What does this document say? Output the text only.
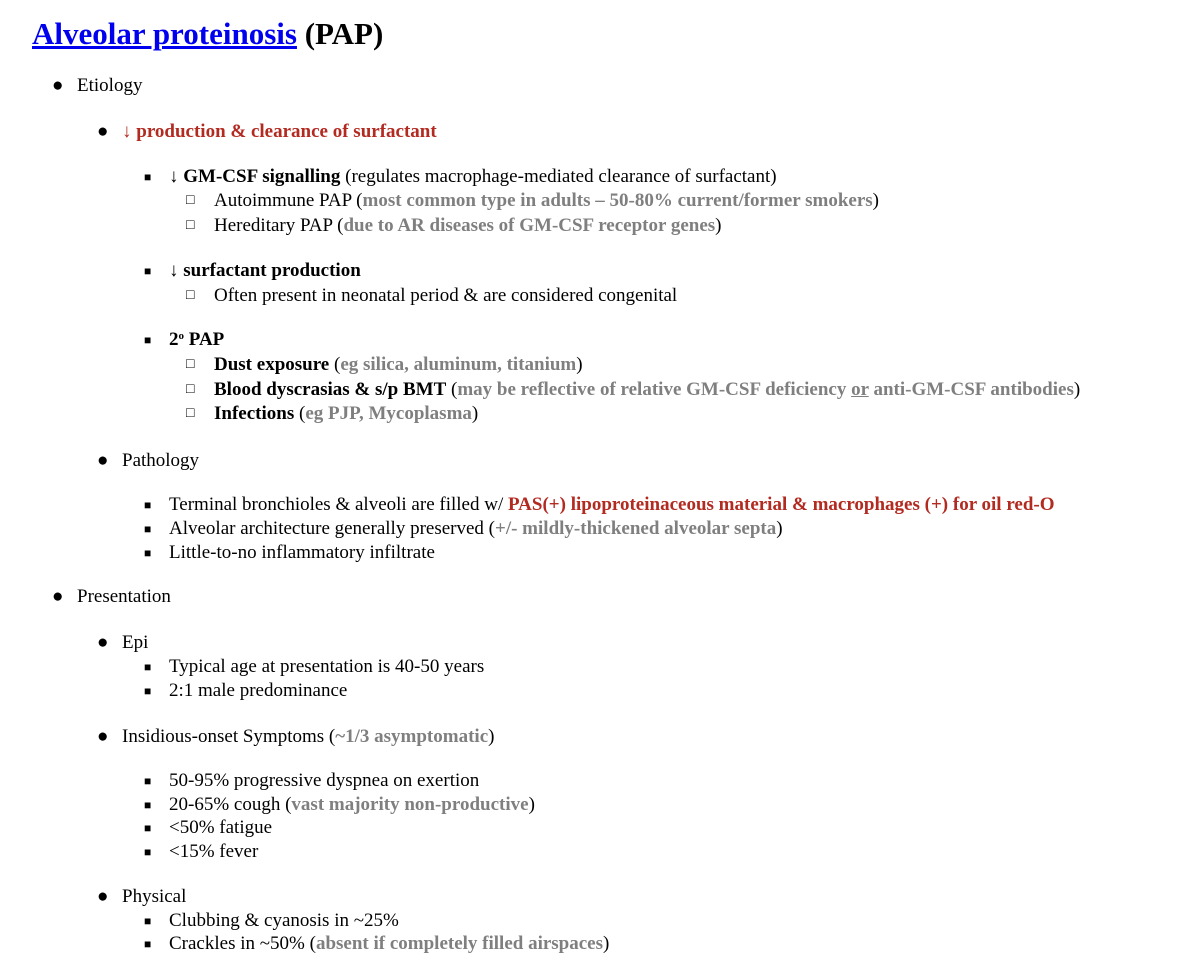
Alveolar proteinosis (PAP)
● Etiology
● ↓ production & clearance of surfactant
■ ↓ GM-CSF signalling (regulates macrophage-mediated clearance of surfactant)
□ Autoimmune PAP (most common type in adults – 50-80% current/former smokers)
□ Hereditary PAP (due to AR diseases of GM-CSF receptor genes)
■ ↓ surfactant production
□ Often present in neonatal period & are considered congenital
■ 2$^o$ PAP
□ Dust exposure (eg silica, aluminum, titanium)
□ Blood dyscrasias & s/p BMT (may be reflective of relative GM-CSF deficiency or anti-GM-CSF antibodies)
□ Infections (eg PJP, Mycoplasma)
● Pathology
■ Terminal bronchioles & alveoli are filled w/ PAS(+) lipoproteinaceous material & macrophages (+) for oil red-O
■ Alveolar architecture generally preserved (+/- mildly-thickened alveolar septa)
■ Little-to-no inflammatory infiltrate
● Presentation
● Epi
■ Typical age at presentation is 40-50 years
■ 2:1 male predominance
● Insidious-onset Symptoms (~1/3 asymptomatic)
■ 50-95% progressive dyspnea on exertion
■ 20-65% cough (vast majority non-productive)
■ <50% fatigue
■ <15% fever
● Physical
■ Clubbing & cyanosis in ~25%
■ Crackles in ~50% (absent if completely filled airspaces)
